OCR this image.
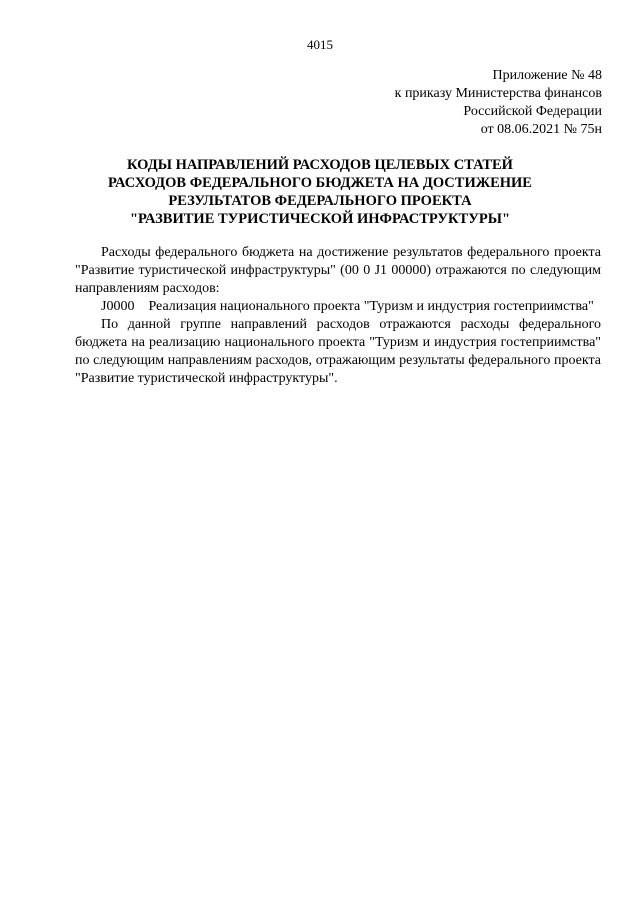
4015
Приложение № 48
к приказу Министерства финансов
Российской Федерации
от 08.06.2021 № 75н
КОДЫ НАПРАВЛЕНИЙ РАСХОДОВ ЦЕЛЕВЫХ СТАТЕЙ
РАСХОДОВ ФЕДЕРАЛЬНОГО БЮДЖЕТА НА ДОСТИЖЕНИЕ
РЕЗУЛЬТАТОВ ФЕДЕРАЛЬНОГО ПРОЕКТА
"РАЗВИТИЕ ТУРИСТИЧЕСКОЙ ИНФРАСТРУКТУРЫ"

Расходы федерального бюджета на достижение результатов федерального проекта "Развитие туристической инфраструктуры" (00 0 J1 00000) отражаются по следующим направлениям расходов:

J0000 Реализация национального проекта "Туризм и индустрия гостеприимства"

По данной группе направлений расходов отражаются расходы федерального бюджета на реализацию национального проекта "Туризм и индустрия гостеприимства" по следующим направлениям расходов, отражающим результаты федерального проекта "Развитие туристической инфраструктуры".
